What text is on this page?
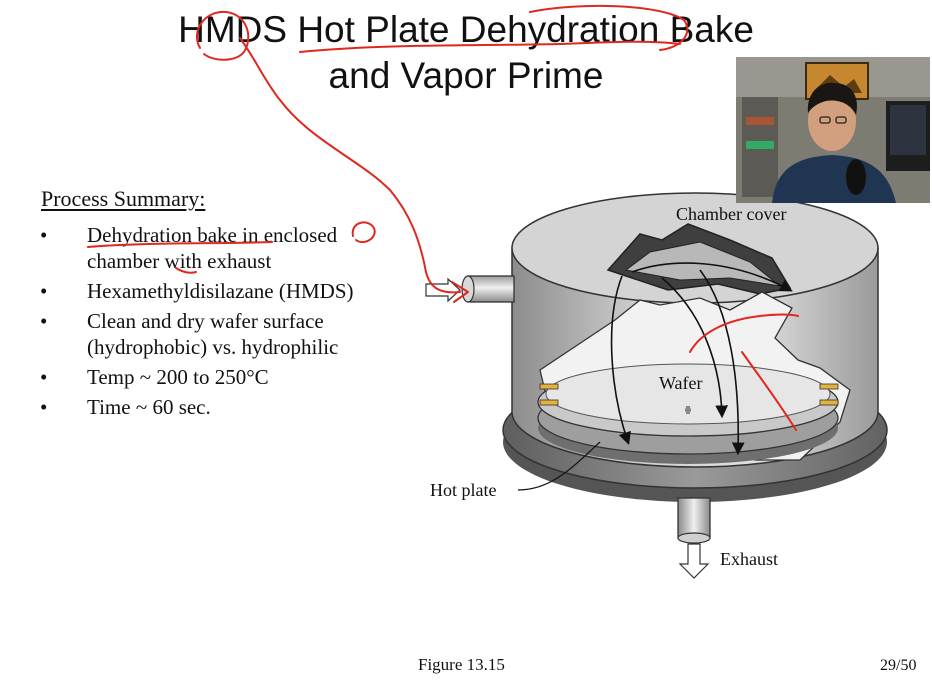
HMDS Hot Plate Dehydration Bake
and Vapor Prime
Process Summary:
• Dehydration bake in enclosed
chamber with exhaust
• Hexamethyldisilazane (HMDS)
• Clean and dry wafer surface
(hydrophobic) vs. hydrophilic
• Temp ~ 200 to 250°C
• Time ~ 60 sec.
Chamber cover
Wafer
Hot plate
Exhaust
Figure 13.15	29/50
